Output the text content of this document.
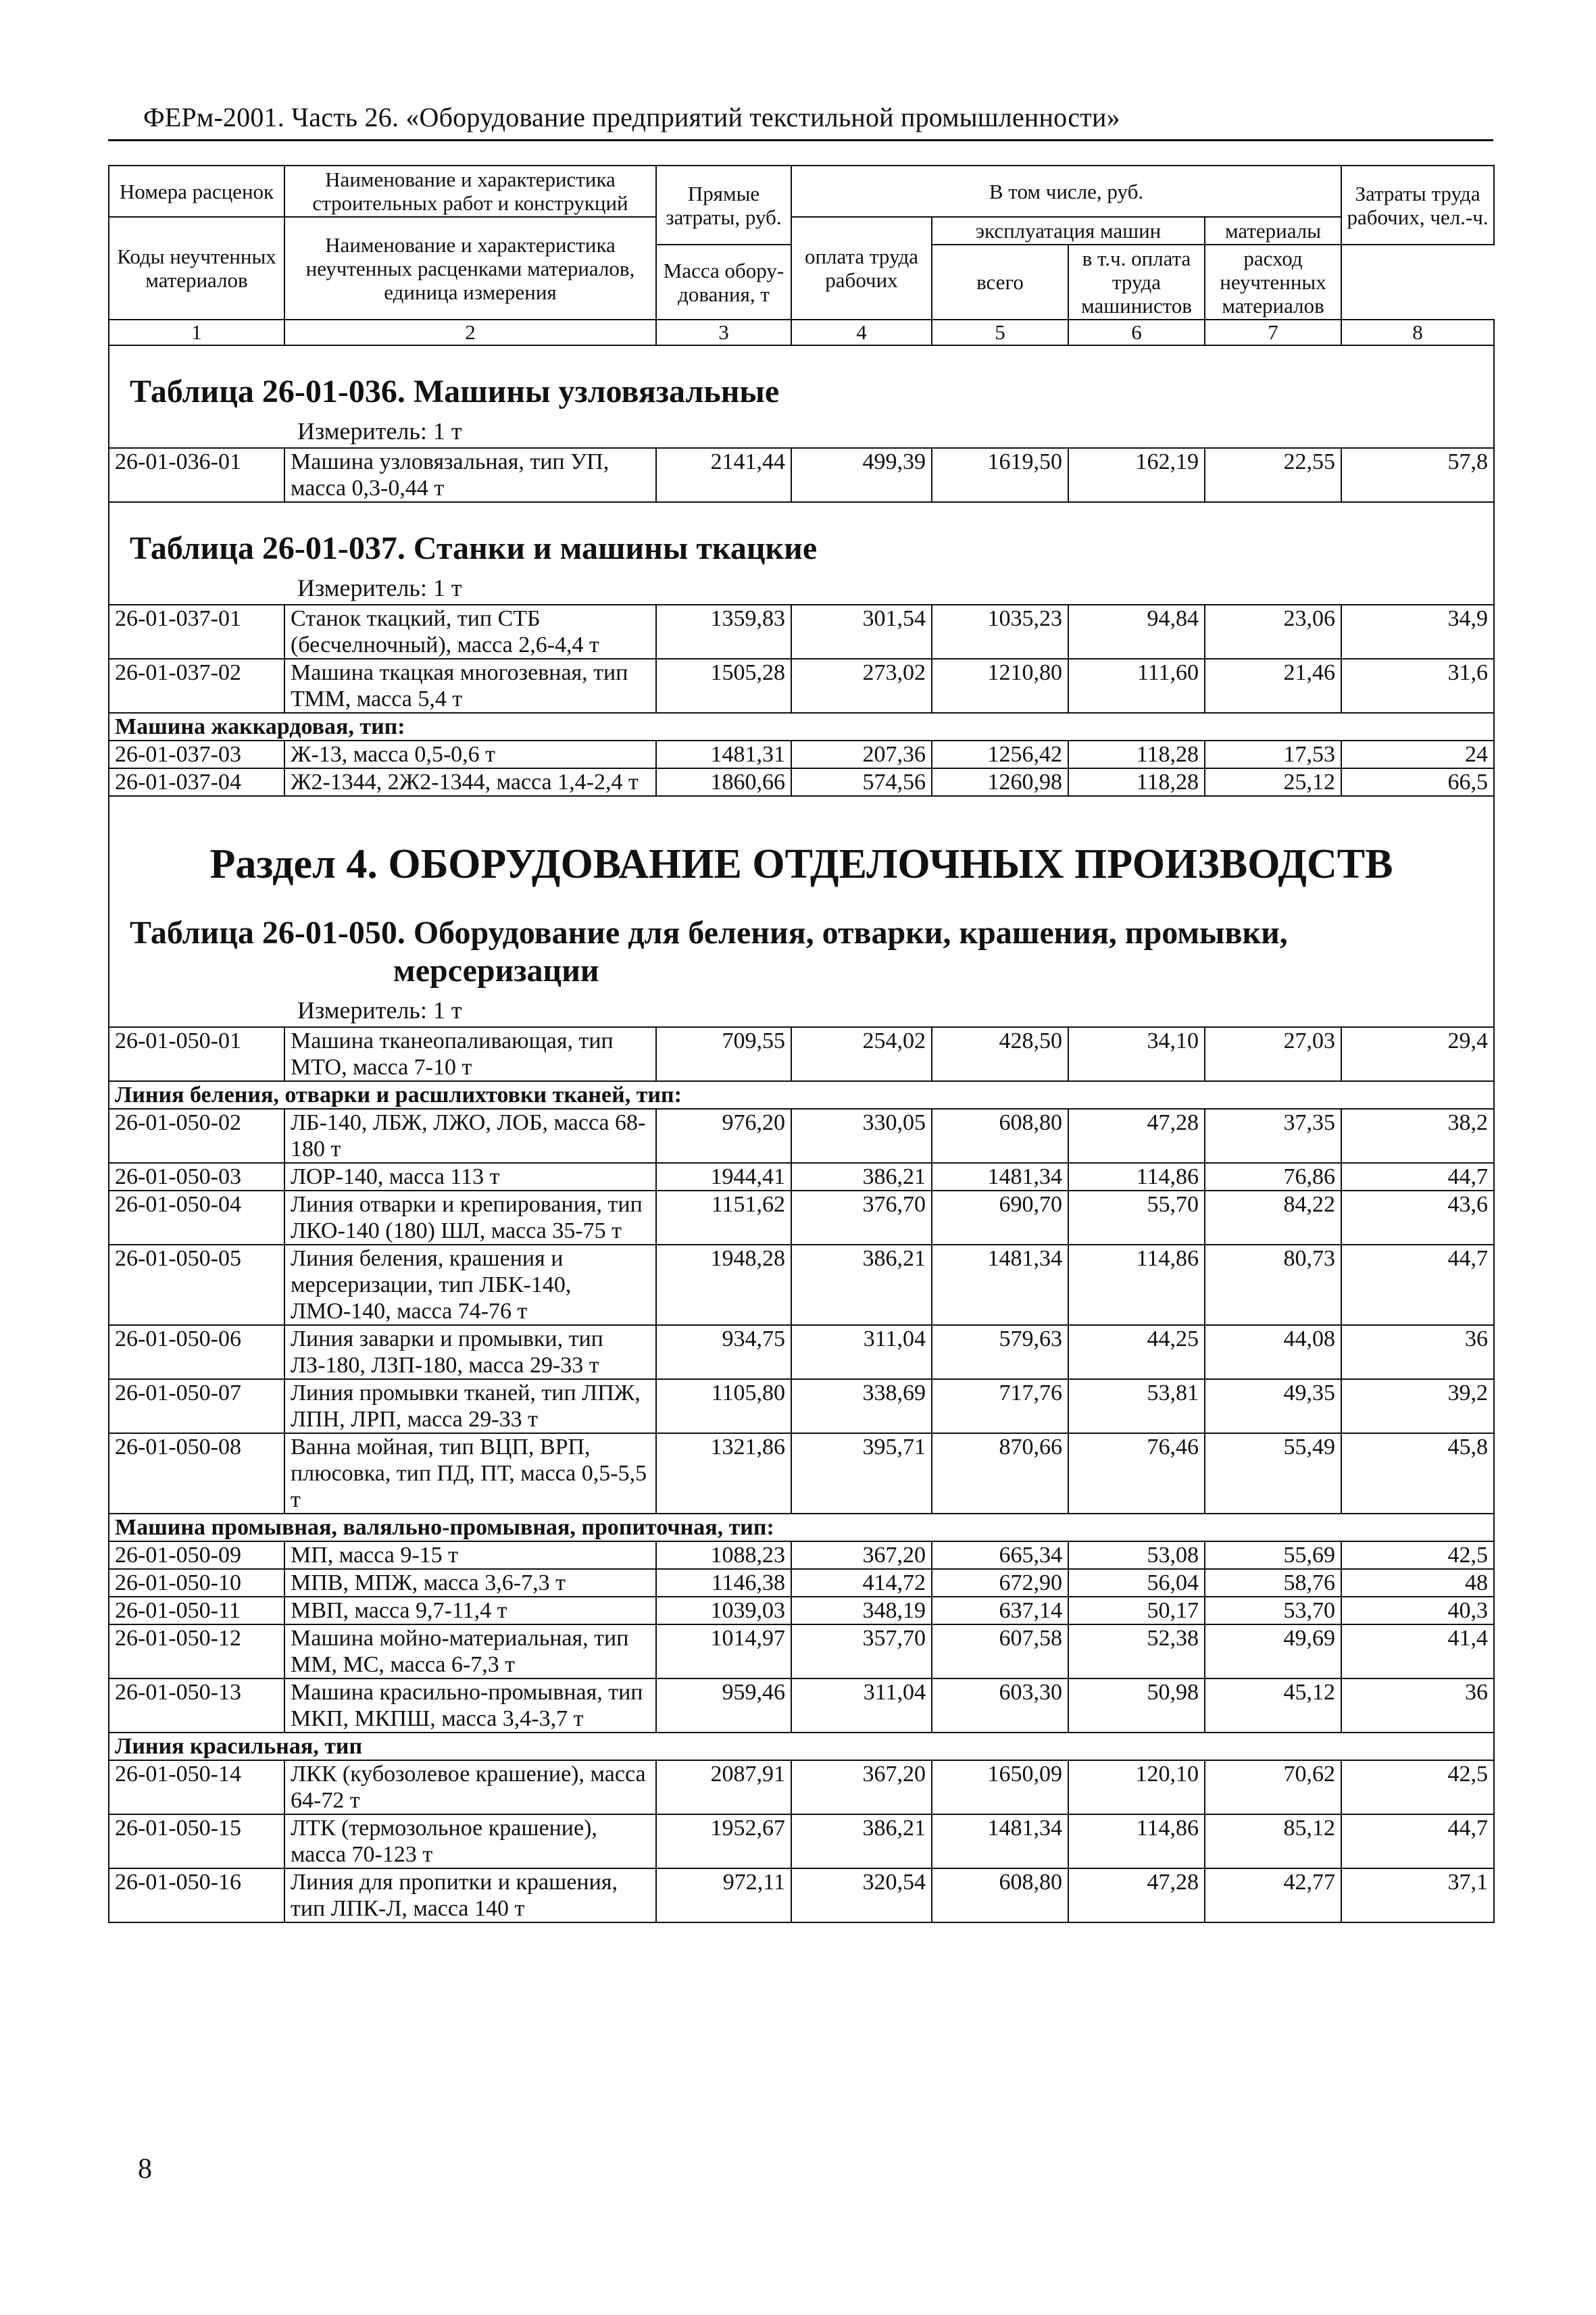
ФЕРм-2001. Часть 26. «Оборудование предприятий текстильной промышленности»
Номера расценок	Наименование и характеристика строительных работ и конструкций	Прямые затраты, руб.	В том числе, руб.				Затраты труда рабочих, чел.-ч.
Коды неучтенных материалов	Наименование и характеристика неучтенных расценками материалов, единица измерения		оплата труда рабочих	эксплуатация машин		материалы	
				всего	в т.ч. оплата труда машинистов	расход неучтенных материалов	
		Масса обору-дования, т					
1	2	3	4	5	6	7	8

Таблица 26-01-036. Машины узловязальные
Измеритель: 1 т							

26-01-036-01	Машина узловязальная, тип УП, масса 0,3-0,44 т	2141,44	499,39	1619,50	162,19	22,55	57,8

Таблица 26-01-037. Станки и машины ткацкие
Измеритель: 1 т							

26-01-037-01	Станок ткацкий, тип СТБ (бесчелночный), масса 2,6-4,4 т	1359,83	301,54	1035,23	94,84	23,06	34,9
26-01-037-02	Машина ткацкая многозевная, тип ТММ, масса 5,4 т	1505,28	273,02	1210,80	111,60	21,46	31,6
Машина жаккардовая, тип:							
26-01-037-03	Ж-13, масса 0,5-0,6 т	1481,31	207,36	1256,42	118,28	17,53	24
26-01-037-04	Ж2-1344, 2Ж2-1344, масса 1,4-2,4 т	1860,66	574,56	1260,98	118,28	25,12	66,5

Раздел 4. ОБОРУДОВАНИЕ ОТДЕЛОЧНЫХ ПРОИЗВОДСТВ
Таблица 26-01-050. Оборудование для беления, отварки, крашения, промывки,
мерсеризации
Измеритель: 1 т							

26-01-050-01	Машина тканеопаливающая, тип МТО, масса 7-10 т	709,55	254,02	428,50	34,10	27,03	29,4
Линия беления, отварки и расшлихтовки тканей, тип:							
26-01-050-02	ЛБ-140, ЛБЖ, ЛЖО, ЛОБ, масса 68-180 т	976,20	330,05	608,80	47,28	37,35	38,2
26-01-050-03	ЛОР-140, масса 113 т	1944,41	386,21	1481,34	114,86	76,86	44,7
26-01-050-04	Линия отварки и крепирования, тип ЛКО-140 (180) ШЛ, масса 35-75 т	1151,62	376,70	690,70	55,70	84,22	43,6
26-01-050-05	Линия беления, крашения и мерсеризации, тип ЛБК-140, ЛМО-140, масса 74-76 т	1948,28	386,21	1481,34	114,86	80,73	44,7
26-01-050-06	Линия заварки и промывки, тип ЛЗ-180, ЛЗП-180, масса 29-33 т	934,75	311,04	579,63	44,25	44,08	36
26-01-050-07	Линия промывки тканей, тип ЛПЖ, ЛПН, ЛРП, масса 29-33 т	1105,80	338,69	717,76	53,81	49,35	39,2
26-01-050-08	Ванна мойная, тип ВЦП, ВРП, плюсовка, тип ПД, ПТ, масса 0,5-5,5 т	1321,86	395,71	870,66	76,46	55,49	45,8
Машина промывная, валяльно-промывная, пропиточная, тип:							
26-01-050-09	МП, масса 9-15 т	1088,23	367,20	665,34	53,08	55,69	42,5
26-01-050-10	МПВ, МПЖ, масса 3,6-7,3 т	1146,38	414,72	672,90	56,04	58,76	48
26-01-050-11	МВП, масса 9,7-11,4 т	1039,03	348,19	637,14	50,17	53,70	40,3
26-01-050-12	Машина мойно-материальная, тип ММ, МС, масса 6-7,3 т	1014,97	357,70	607,58	52,38	49,69	41,4
26-01-050-13	Машина красильно-промывная, тип МКП, МКПШ, масса 3,4-3,7 т	959,46	311,04	603,30	50,98	45,12	36
Линия красильная, тип							
26-01-050-14	ЛКК (кубозолевое крашение), масса 64-72 т	2087,91	367,20	1650,09	120,10	70,62	42,5
26-01-050-15	ЛТК (термозольное крашение), масса 70-123 т	1952,67	386,21	1481,34	114,86	85,12	44,7
26-01-050-16	Линия для пропитки и крашения, тип ЛПК-Л, масса 140 т	972,11	320,54	608,80	47,28	42,77	37,1
8
